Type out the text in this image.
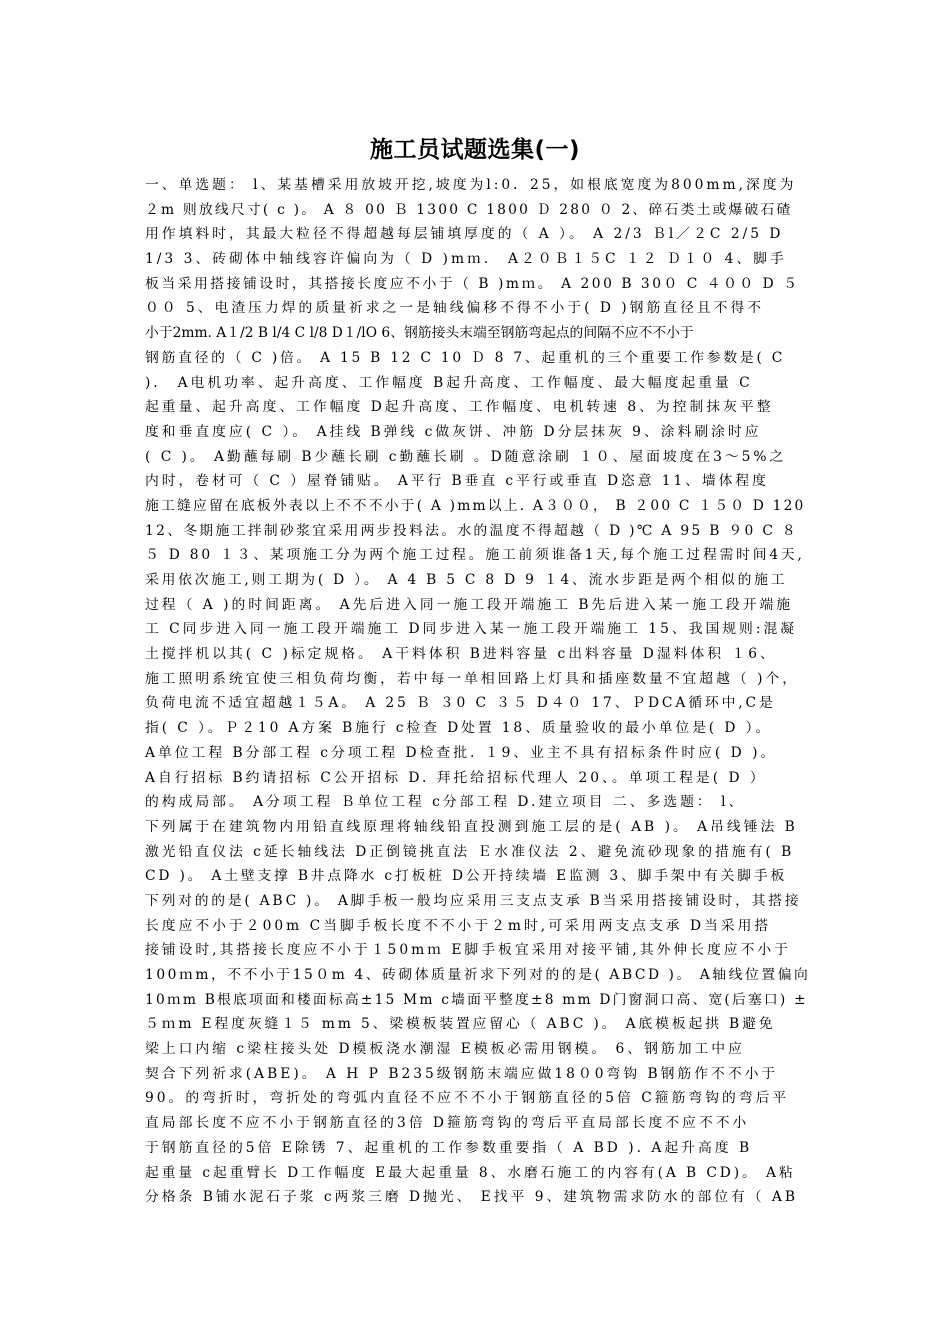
施工员试题选集(一)
一、单选题： l、某基槽采用放坡开挖,坡度为l:0．25，如根底宽度为800mm,深度为
２m 则放线尺寸( c )。 A ８ 00 Ｂ 1300 C 1800 Ｄ 280 ０ 2、碎石类土或爆破石碴
用作填料时，其最大粒径不得超越每层铺填厚度的（ A ）。 A 2/3 Ｂl／２C 2/5 D
1/3 3、砖砌体中轴线容许偏向为（ D )mｍ． A２０Ｂ１５C １２ Ｄ１０ 4、脚手
板当采用搭接铺设时，其搭接长度应不小于（ B )mｍ。 A 200 B 30０ C ４００ D ５
００ 5、电渣压力焊的质量祈求之一是轴线偏移不得不小于( D )钢筋直径且不得不
小于2mm. A１/2 B l/4 C l/8 D１/lO 6、钢筋接头末端至钢筋弯起点的间隔不应不不小于
钢筋直径的（ C )倍。 A 15 B 12 C 10 Ｄ 8 7、起重机的三个重要工作参数是( C
)． A电机功率、起升高度、工作幅度 B起升高度、工作幅度、最大幅度起重量 C
起重量、起升高度、工作幅度 D起升高度、工作幅度、电机转速 8、为控制抹灰平整
度和垂直度应( C ）。 A挂线 B弹线 c做灰饼、冲筋 D分层抹灰 9、涂料刷涂时应
( C )。 A勤蘸每刷 B少蘸长刷 c勤蘸长刷 。D随意涂刷 １０、屋面坡度在3～5%之
内时，卷材可（ C ）屋脊铺贴。 A平行 B垂直 c平行或垂直 D恣意 11、墙体程度
施工缝应留在底板外表以上不不不小于( A )mm以上. A３００， B ２00 C １５０ D 120
12、冬期施工拌制砂浆宜采用两步投料法。水的温度不得超越（ D )℃ A 95 B ９0 C ８
５ D 80 １３、某项施工分为两个施工过程。施工前须谁备1天,每个施工过程需时间4天,
采用依次施工,则工期为( D ）。 A 4 B 5 C 8 D 9 １4、流水步距是两个相似的施工
过程（ A )的时间距离。 A先后进入同一施工段开端施工 B先后进入某一施工段开端施
工 C同步进入同一施工段开端施工 D同步进入某一施工段开端施工 15、我国规则:混凝
土搅拌机以其( C )标定规格。 A干料体积 B进料容量 c出料容量 D湿料体积 １6、
施工照明系统宜使三相负荷均衡，若中每一单相回路上灯具和插座数量不宜超越（ )个，
负荷电流不适宜超越１５A。 A 25 Ｂ ３0 C ３５ D４０ 17、ＰDCA循环中,C是
指( C ）。Ｐ２10 A方案 B施行 c检查 D处置 18、质量验收的最小单位是( D ）。
A单位工程 B分部工程 c分项工程 D检查批. １9、业主不具有招标条件时应( D )。
A自行招标 B约请招标 C公开招标 D. 拜托给招标代理人 20、。单项工程是( D ）
的构成局部。 A分项工程 Ｂ单位工程 c分部工程 D.建立项目 二、多选题： l、
下列属于在建筑物内用铅直线原理将轴线铅直投测到施工层的是( AB )。 A吊线锤法 B
激光铅直仪法 c延长轴线法 D正倒镜挑直法 Ｅ水准仪法 2、避免流砂现象的措施有( B
CD )。 A土壁支撑 B井点降水 c打板桩 D公开持续墙 E监测 3、脚手架中有关脚手板
下列对的的是( ABC )。 A脚手板一般均应采用三支点支承 B当采用搭接铺设时，其搭接
长度应不小于２00m C当脚手板长度不不小于２m时,可采用两支点支承 D当采用搭
接铺设时,其搭接长度应不小于１50mｍ E脚手板宜采用对接平铺,其外伸长度应不小于
100ｍm，不不小于15０m 4、砖砌体质量祈求下列对的的是( ABCD )。 A轴线位置偏向
10ｍm B根底项面和楼面标高±15 Mm c墙面平整度±8 mm D门窗洞口高、宽(后塞口) ±
５ｍm E程度灰缝１５ mm 5、梁模板装置应留心（ ABC )。 A底模板起拱 B避免
梁上口内缩 c梁柱接头处 D模板浇水潮湿 E模板必需用钢模。 6、钢筋加工中应
契合下列祈求(ABE)。 A H P B235级钢筋末端应做18０0弯钩 B钢筋作不不小于
90。的弯折时，弯折处的弯弧内直径不应不不小于钢筋直径的5倍 C箍筋弯钩的弯后平
直局部长度不应不小于钢筋直径的3倍 D箍筋弯钩的弯后平直局部长度不应不不小
于钢筋直径的5倍 E除锈 7、起重机的工作参数重要指（ A BD ). A起升高度 B
起重量 c起重臂长 D工作幅度 E最大起重量 8、水磨石施工的内容有(A B CD)。 A粘
分格条 B铺水泥石子浆 c两浆三磨 D抛光、 E找平 9、建筑物需求防水的部位有（ AB
